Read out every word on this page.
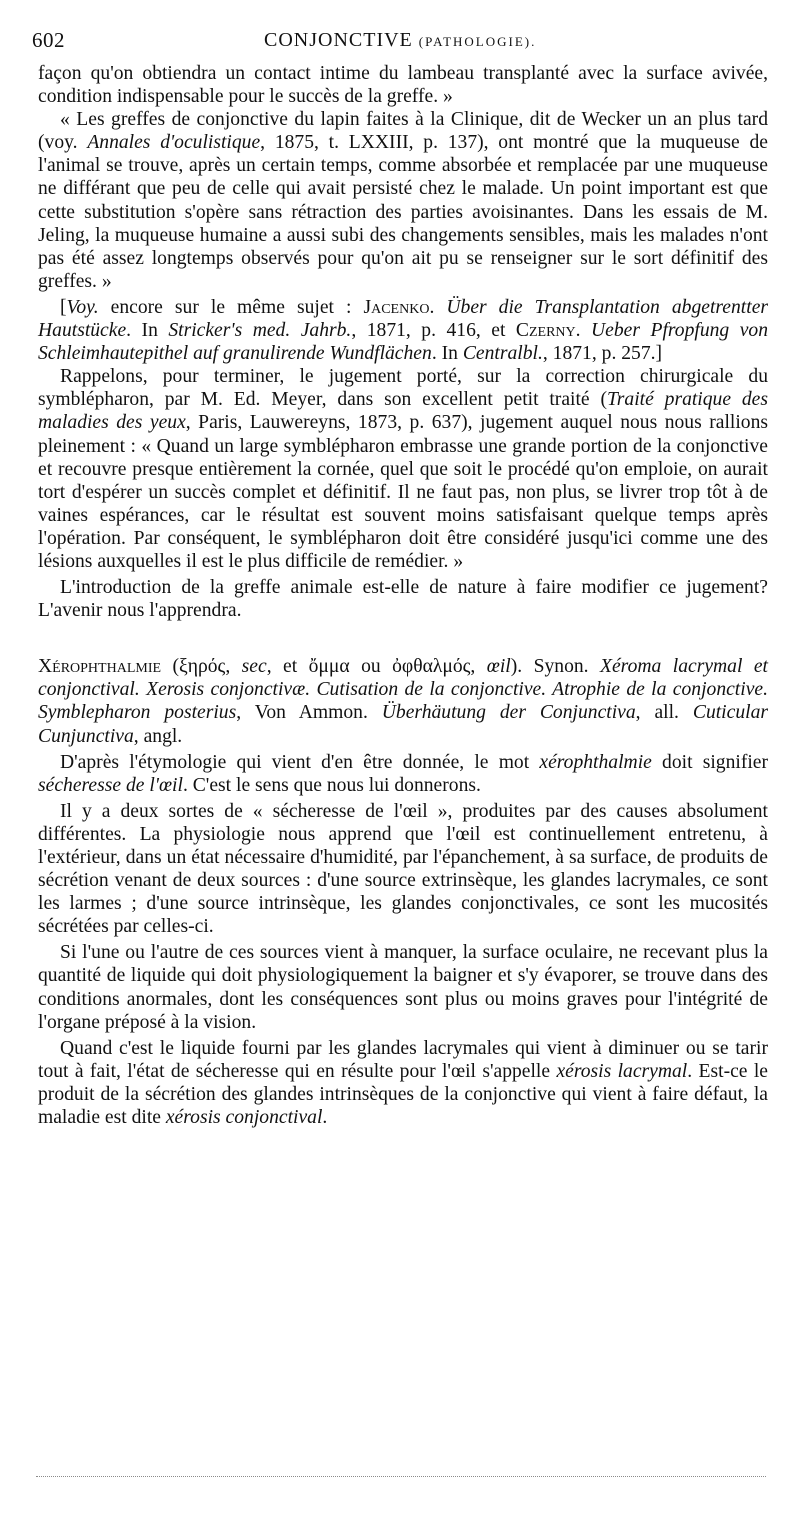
602	CONJONCTIVE (PATHOLOGIE).

façon qu'on obtiendra un contact intime du lambeau transplanté avec la surface avivée, condition indispensable pour le succès de la greffe. »

« Les greffes de conjonctive du lapin faites à la Clinique, dit de Wecker un an plus tard (voy. Annales d'oculistique, 1875, t. LXXIII, p. 137), ont montré que la muqueuse de l'animal se trouve, après un certain temps, comme absorbée et remplacée par une muqueuse ne différant que peu de celle qui avait persisté chez le malade. Un point important est que cette substitution s'opère sans rétraction des parties avoisinantes. Dans les essais de M. Jeling, la muqueuse humaine a aussi subi des changements sensibles, mais les malades n'ont pas été assez longtemps observés pour qu'on ait pu se renseigner sur le sort définitif des greffes. »

[Voy. encore sur le même sujet : Jacenko. Über die Transplantation abgetrentter Hautstücke. In Stricker's med. Jahrb., 1871, p. 416, et Czerny. Ueber Pfropfung von Schleimhautepithel auf granulirende Wundflächen. In Centralbl., 1871, p. 257.]

Rappelons, pour terminer, le jugement porté, sur la correction chirurgicale du symblépharon, par M. Ed. Meyer, dans son excellent petit traité (Traité pratique des maladies des yeux, Paris, Lauwereyns, 1873, p. 637), jugement auquel nous nous rallions pleinement : « Quand un large symblépharon embrasse une grande portion de la conjonctive et recouvre presque entièrement la cornée, quel que soit le procédé qu'on emploie, on aurait tort d'espérer un succès complet et définitif. Il ne faut pas, non plus, se livrer trop tôt à de vaines espérances, car le résultat est souvent moins satisfaisant quelque temps après l'opération. Par conséquent, le symblépharon doit être considéré jusqu'ici comme une des lésions auxquelles il est le plus difficile de remédier. »

L'introduction de la greffe animale est-elle de nature à faire modifier ce jugement? L'avenir nous l'apprendra.

Xérophthalmie (ξηρός, sec, et ὄμμα ou ὀφθαλμός, œil). Synon. Xéroma lacrymal et conjonctival. Xerosis conjonctivæ. Cutisation de la conjonctive. Atrophie de la conjonctive. Symblepharon posterius, Von Ammon. Überhäutung der Conjunctiva, all. Cuticular Cunjunctiva, angl.

D'après l'étymologie qui vient d'en être donnée, le mot xérophthalmie doit signifier sécheresse de l'œil. C'est le sens que nous lui donnerons.

Il y a deux sortes de « sécheresse de l'œil », produites par des causes absolument différentes. La physiologie nous apprend que l'œil est continuellement entretenu, à l'extérieur, dans un état nécessaire d'humidité, par l'épanchement, à sa surface, de produits de sécrétion venant de deux sources : d'une source extrinsèque, les glandes lacrymales, ce sont les larmes ; d'une source intrinsèque, les glandes conjonctivales, ce sont les mucosités sécrétées par celles-ci.

Si l'une ou l'autre de ces sources vient à manquer, la surface oculaire, ne recevant plus la quantité de liquide qui doit physiologiquement la baigner et s'y évaporer, se trouve dans des conditions anormales, dont les conséquences sont plus ou moins graves pour l'intégrité de l'organe préposé à la vision.

Quand c'est le liquide fourni par les glandes lacrymales qui vient à diminuer ou se tarir tout à fait, l'état de sécheresse qui en résulte pour l'œil s'appelle xérosis lacrymal. Est-ce le produit de la sécrétion des glandes intrinsèques de la conjonctive qui vient à faire défaut, la maladie est dite xérosis conjonctival.
